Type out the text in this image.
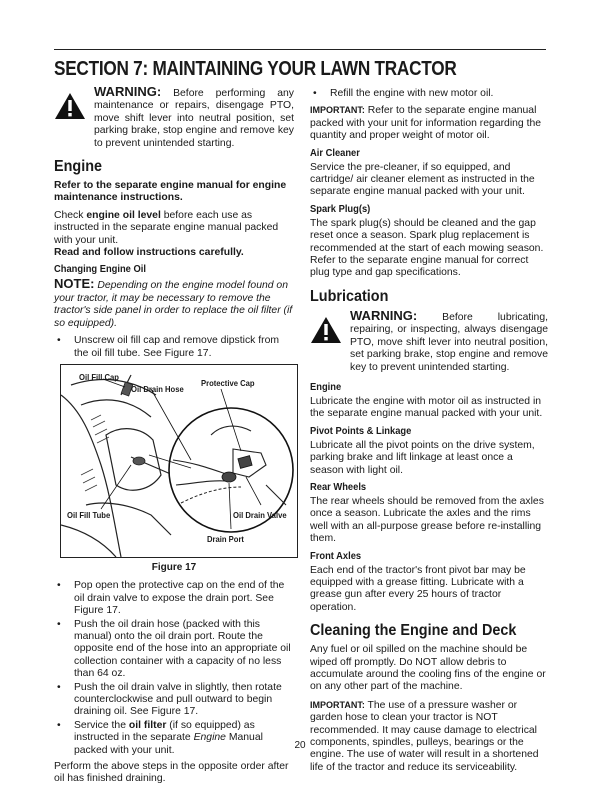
SECTION 7: MAINTAINING YOUR LAWN TRACTOR
WARNING: Before performing any maintenance or repairs, disengage PTO, move shift lever into neutral position, set parking brake, stop engine and remove key to prevent unintended starting.
Engine

Refer to the separate engine manual for engine maintenance instructions.

Check engine oil level before each use as instructed in the separate engine manual packed with your unit.

Read and follow instructions carefully.

Changing Engine Oil

NOTE: Depending on the engine model found on your tractor, it may be necessary to remove the tractor's side panel in order to replace the oil filter (if so equipped).

• Unscrew oil fill cap and remove dipstick from the oil fill tube. See Figure 17.
Oil Fill Cap
Oil Drain Hose
Protective Cap
Oil Fill Tube	Oil Drain Valve
Drain Port

Figure 17

• Pop open the protective cap on the end of the oil drain valve to expose the drain port. See Figure 17.
• Push the oil drain hose (packed with this manual) onto the oil drain port. Route the opposite end of the hose into an appropriate oil collection container with a capacity of no less than 64 oz.
• Push the oil drain valve in slightly, then rotate counterclockwise and pull outward to begin draining oil. See Figure 17.
• Service the oil filter (if so equipped) as instructed in the separate Engine Manual packed with your unit.

Perform the above steps in the opposite order after oil has finished draining.

• Refill the engine with new motor oil.

IMPORTANT: Refer to the separate engine manual packed with your unit for information regarding the quantity and proper weight of motor oil.

Air Cleaner

Service the pre-cleaner, if so equipped, and cartridge/ air cleaner element as instructed in the separate engine manual packed with your unit.

Spark Plug(s)

The spark plug(s) should be cleaned and the gap reset once a season. Spark plug replacement is recommended at the start of each mowing season. Refer to the separate engine manual for correct plug type and gap specifications.

Lubrication
WARNING: Before lubricating, repairing, or inspecting, always disengage PTO, move shift lever into neutral position, set parking brake, stop engine and remove key to prevent unintended starting.
Engine

Lubricate the engine with motor oil as instructed in the separate engine manual packed with your unit.

Pivot Points & Linkage

Lubricate all the pivot points on the drive system, parking brake and lift linkage at least once a season with light oil.

Rear Wheels

The rear wheels should be removed from the axles once a season. Lubricate the axles and the rims well with an all-purpose grease before re-installing them.

Front Axles

Each end of the tractor's front pivot bar may be equipped with a grease fitting. Lubricate with a grease gun after every 25 hours of tractor operation.

Cleaning the Engine and Deck

Any fuel or oil spilled on the machine should be wiped off promptly. Do NOT allow debris to accumulate around the cooling fins of the engine or on any other part of the machine.

IMPORTANT: The use of a pressure washer or garden hose to clean your tractor is NOT recommended. It may cause damage to electrical components, spindles, pulleys, bearings or the engine. The use of water will result in a shortened life of the tractor and reduce its serviceability.

20
